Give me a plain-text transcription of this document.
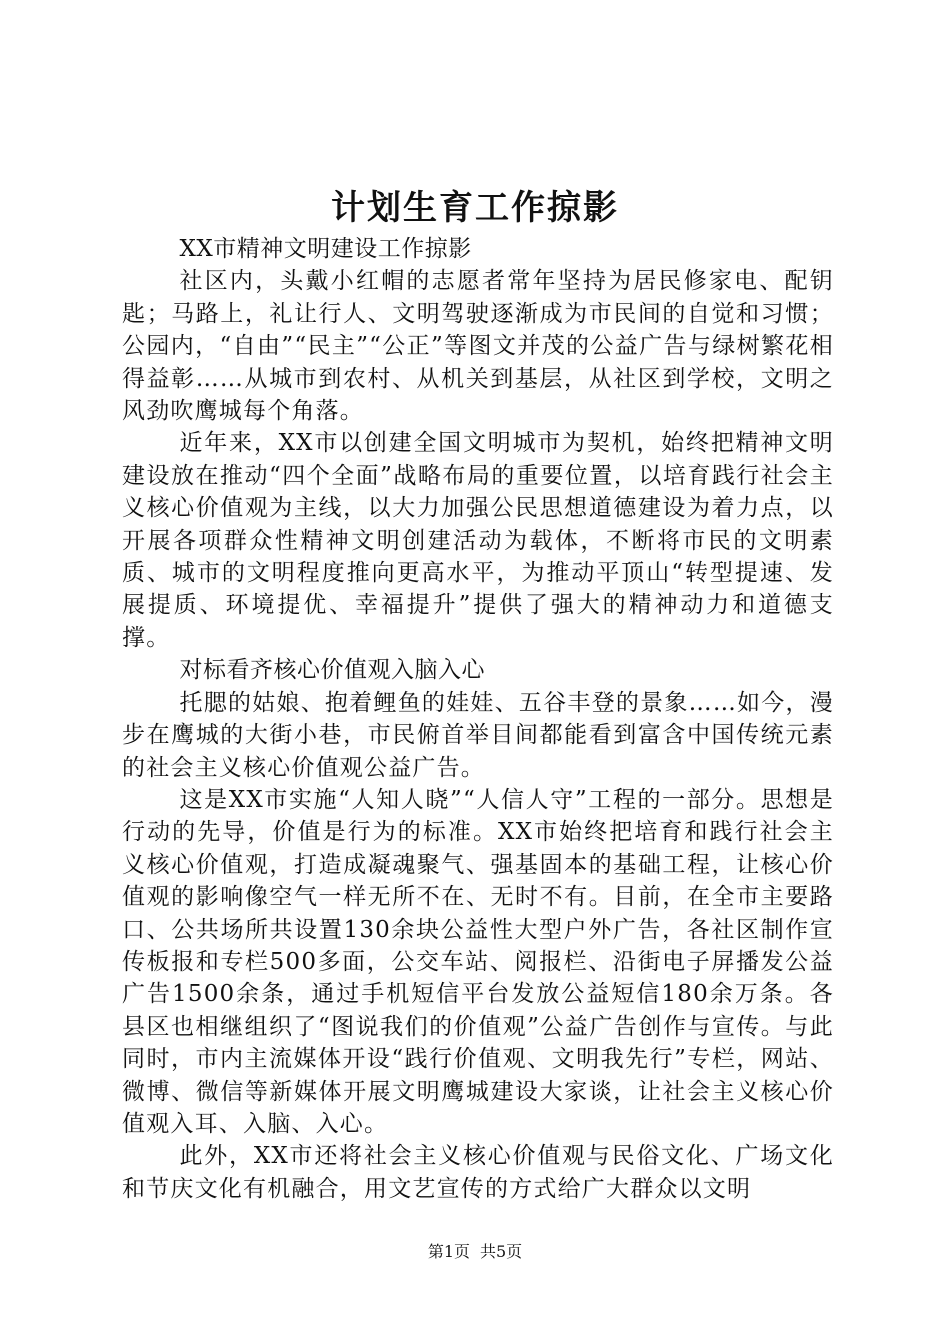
计划生育工作掠影

XX市精神文明建设工作掠影

社区内，头戴小红帽的志愿者常年坚持为居民修家电、配钥匙；马路上，礼让行人、文明驾驶逐渐成为市民间的自觉和习惯；公园内，“自由”“民主”“公正”等图文并茂的公益广告与绿树繁花相得益彰……从城市到农村、从机关到基层，从社区到学校，文明之风劲吹鹰城每个角落。

近年来，XX市以创建全国文明城市为契机，始终把精神文明建设放在推动“四个全面”战略布局的重要位置，以培育践行社会主义核心价值观为主线，以大力加强公民思想道德建设为着力点，以开展各项群众性精神文明创建活动为载体，不断将市民的文明素质、城市的文明程度推向更高水平，为推动平顶山“转型提速、发展提质、环境提优、幸福提升”提供了强大的精神动力和道德支撑。

对标看齐核心价值观入脑入心

托腮的姑娘、抱着鲤鱼的娃娃、五谷丰登的景象……如今，漫步在鹰城的大街小巷，市民俯首举目间都能看到富含中国传统元素的社会主义核心价值观公益广告。

这是XX市实施“人知人晓”“人信人守”工程的一部分。思想是行动的先导，价值是行为的标准。XX市始终把培育和践行社会主义核心价值观，打造成凝魂聚气、强基固本的基础工程，让核心价值观的影响像空气一样无所不在、无时不有。目前，在全市主要路口、公共场所共设置130余块公益性大型户外广告，各社区制作宣传板报和专栏500多面，公交车站、阅报栏、沿街电子屏播发公益广告1500余条，通过手机短信平台发放公益短信180余万条。各县区也相继组织了“图说我们的价值观”公益广告创作与宣传。与此同时，市内主流媒体开设“践行价值观、文明我先行”专栏，网站、微博、微信等新媒体开展文明鹰城建设大家谈，让社会主义核心价值观入耳、入脑、入心。

此外，XX市还将社会主义核心价值观与民俗文化、广场文化和节庆文化有机融合，用文艺宣传的方式给广大群众以文明

第1页 共5页
